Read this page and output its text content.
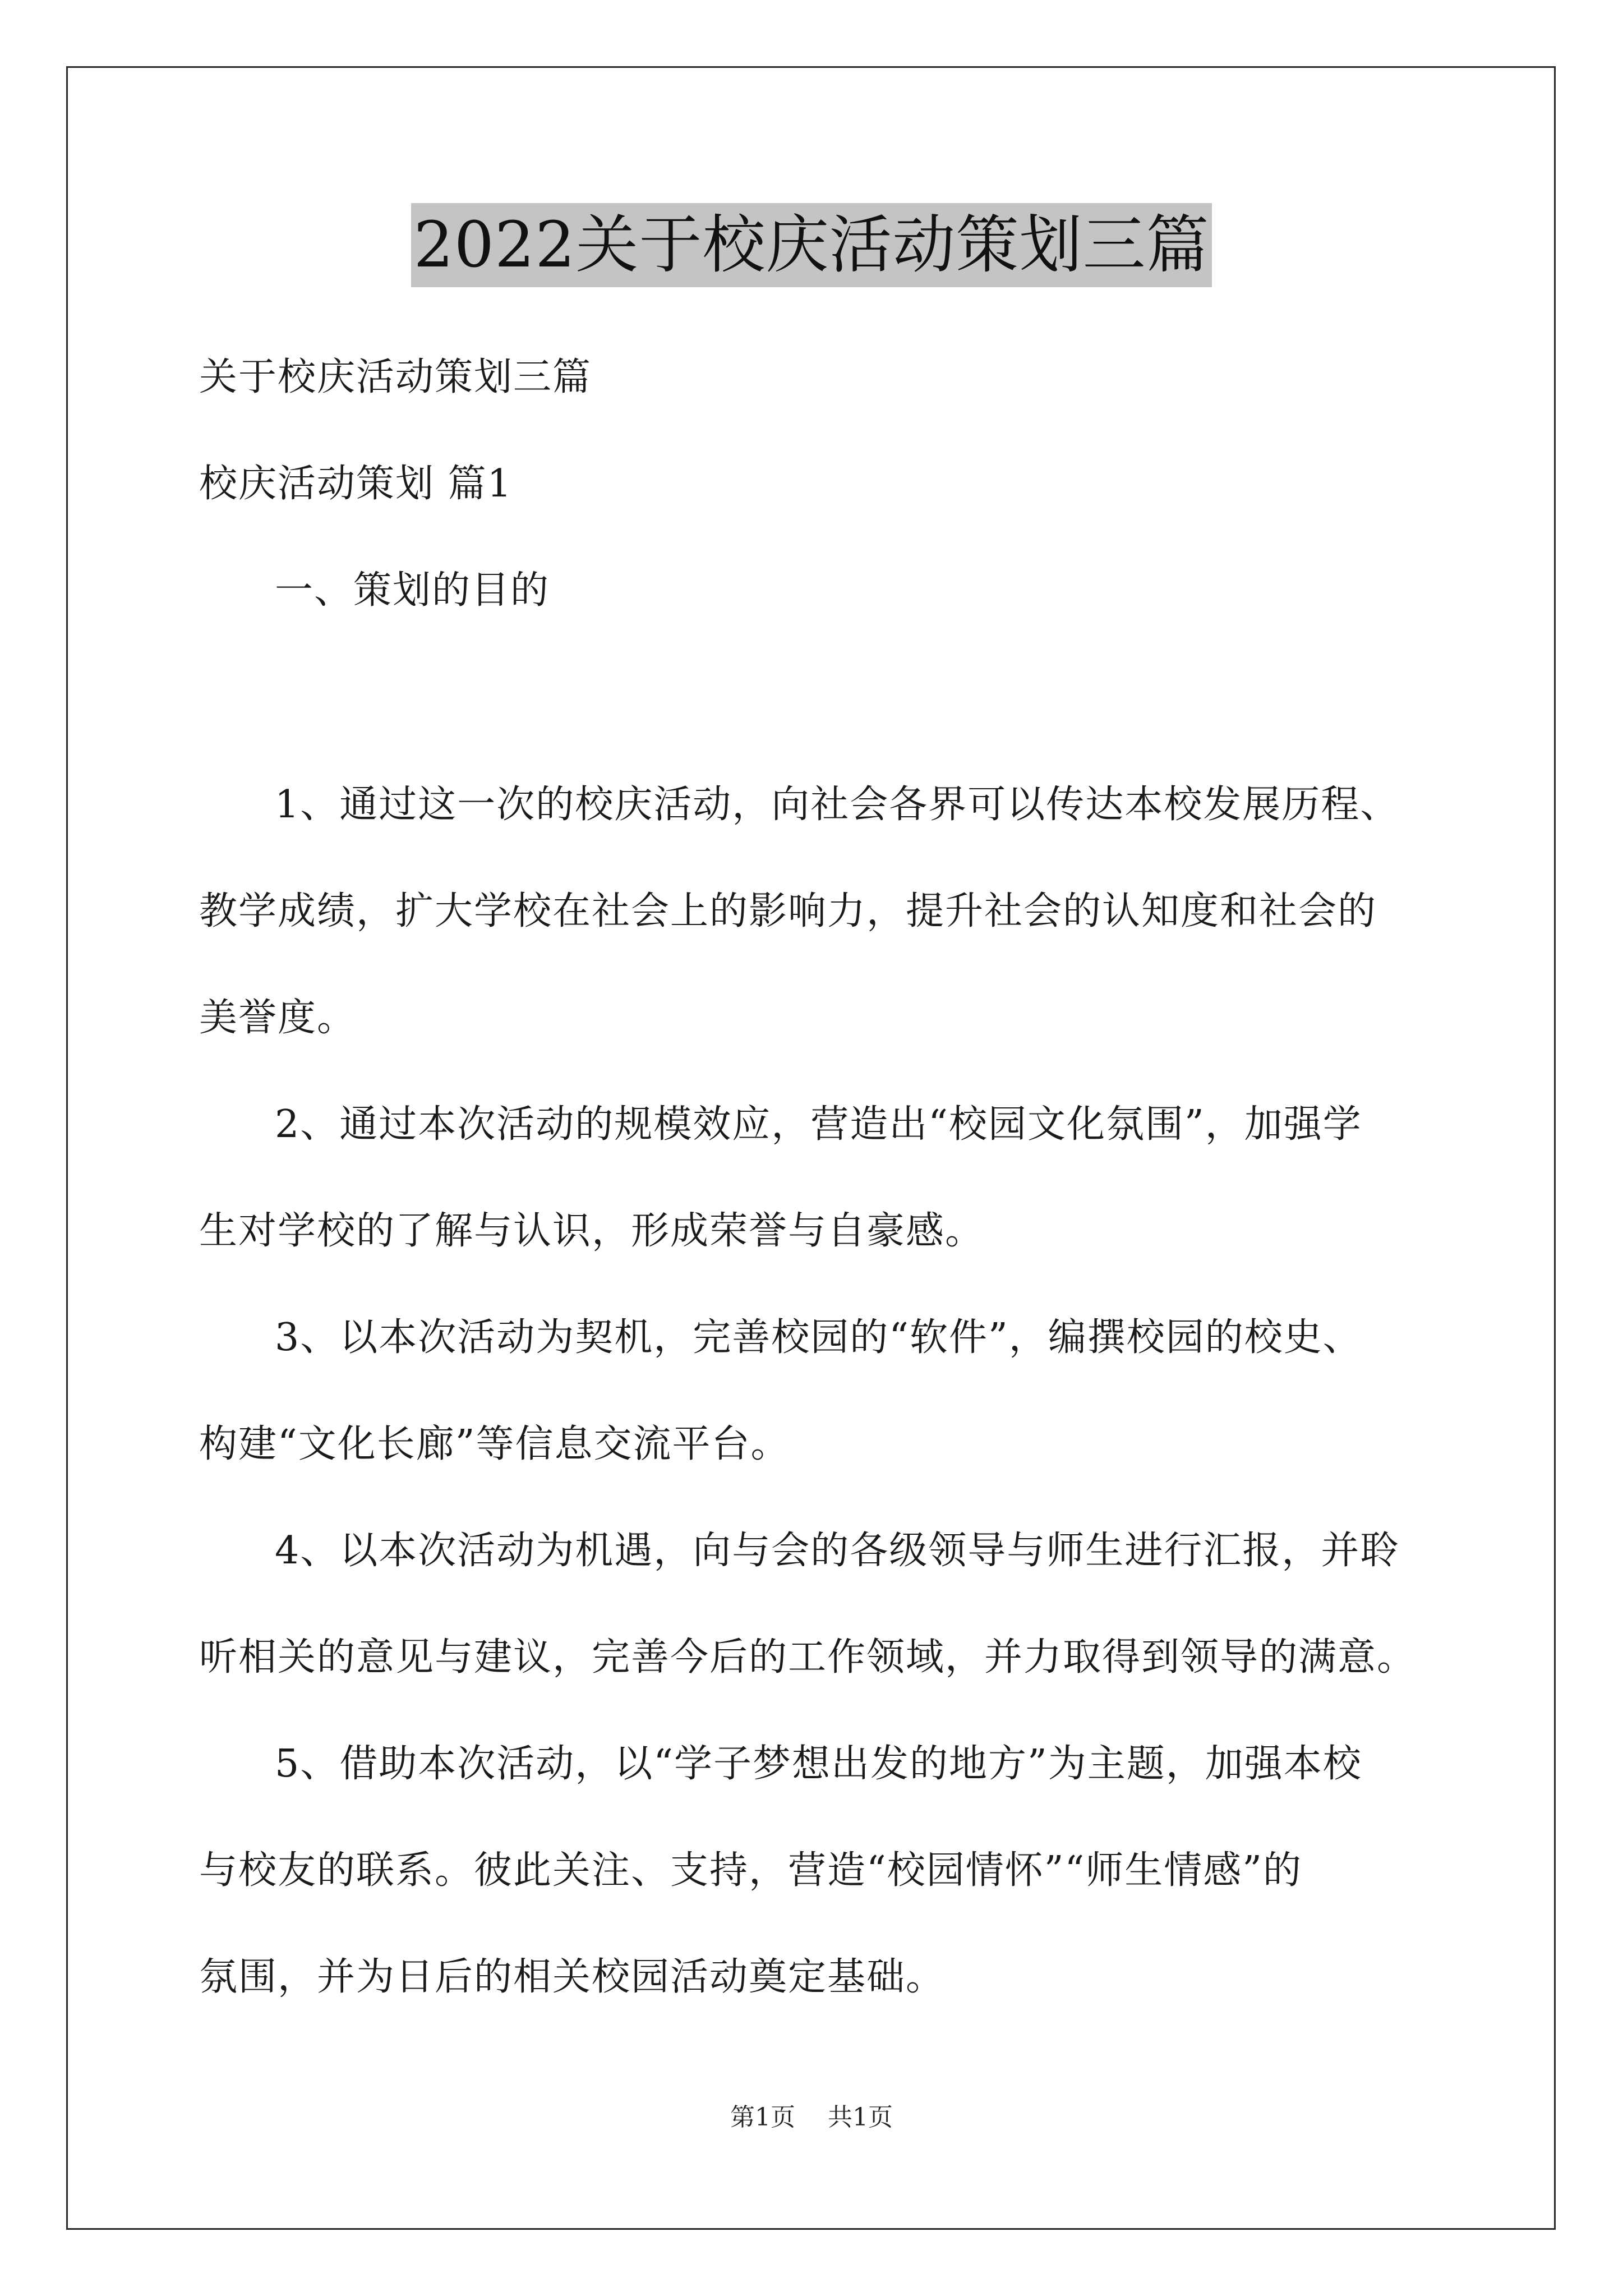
2022关于校庆活动策划三篇
关于校庆活动策划三篇
校庆活动策划 篇1
一、策划的目的
1、通过这一次的校庆活动，向社会各界可以传达本校发展历程、
教学成绩，扩大学校在社会上的影响力，提升社会的认知度和社会的
美誉度。
2、通过本次活动的规模效应，营造出“校园文化氛围”，加强学
生对学校的了解与认识，形成荣誉与自豪感。
3、以本次活动为契机，完善校园的“软件”，编撰校园的校史、
构建“文化长廊”等信息交流平台。
4、以本次活动为机遇，向与会的各级领导与师生进行汇报，并聆
听相关的意见与建议，完善今后的工作领域，并力取得到领导的满意。
5、借助本次活动，以“学子梦想出发的地方”为主题，加强本校
与校友的联系。彼此关注、支持，营造“校园情怀”“师生情感”的
氛围，并为日后的相关校园活动奠定基础。
第1页 共1页
